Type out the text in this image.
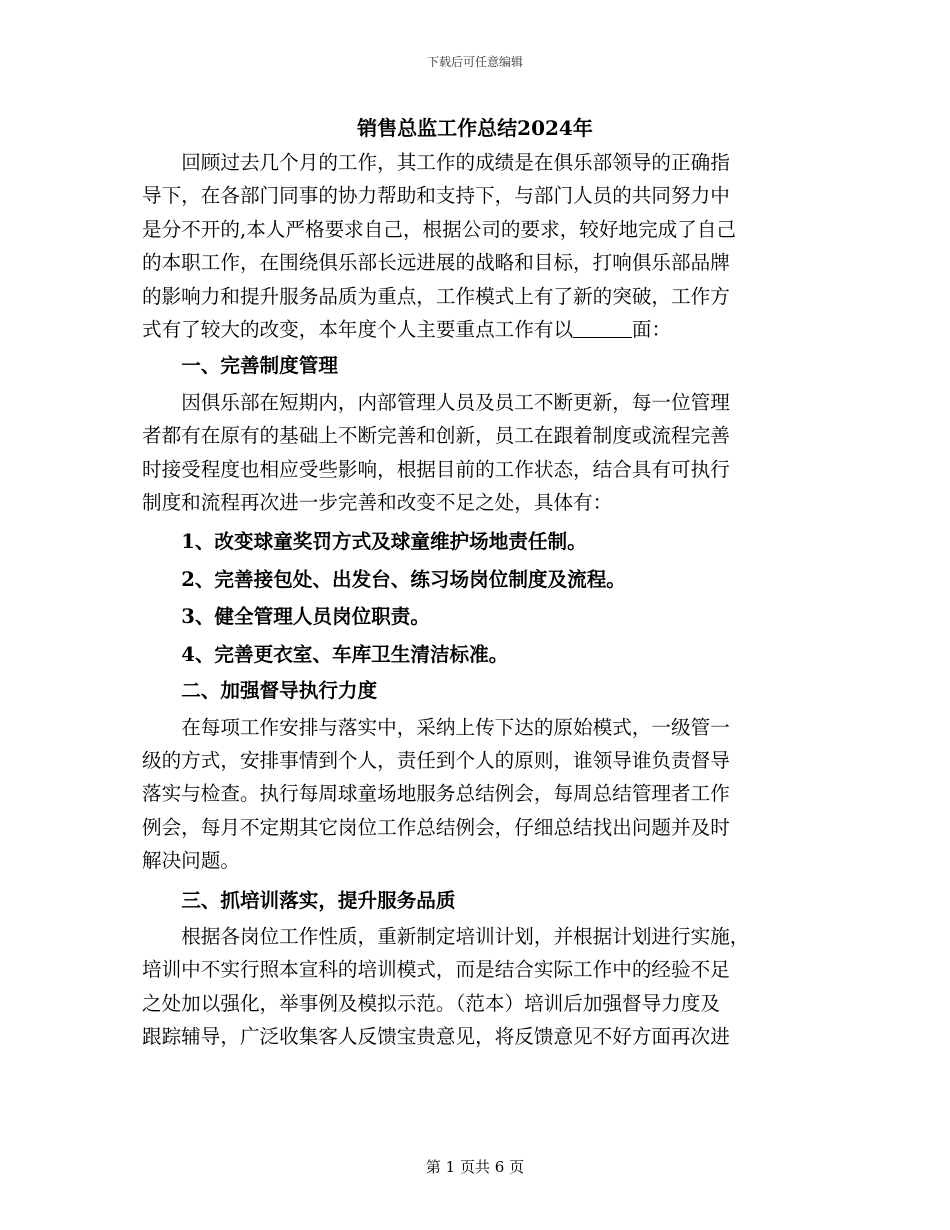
下载后可任意编辑
销售总监工作总结2024年
回顾过去几个月的工作，其工作的成绩是在俱乐部领导的正确指
导下，在各部门同事的协力帮助和支持下，与部门人员的共同努力中
是分不开的,本人严格要求自己，根据公司的要求，较好地完成了自己
的本职工作，在围绕俱乐部长远进展的战略和目标，打响俱乐部品牌
的影响力和提升服务品质为重点，工作模式上有了新的突破，工作方
式有了较大的改变，本年度个人主要重点工作有以	面：
一、完善制度管理
因俱乐部在短期内，内部管理人员及员工不断更新，每一位管理
者都有在原有的基础上不断完善和创新，员工在跟着制度或流程完善
时接受程度也相应受些影响，根据目前的工作状态，结合具有可执行
制度和流程再次进一步完善和改变不足之处，具体有：
1、改变球童奖罚方式及球童维护场地责任制。
2、完善接包处、出发台、练习场岗位制度及流程。
3、健全管理人员岗位职责。
4、完善更衣室、车库卫生清洁标准。
二、加强督导执行力度
在每项工作安排与落实中，采纳上传下达的原始模式，一级管一
级的方式，安排事情到个人，责任到个人的原则，谁领导谁负责督导
落实与检查。执行每周球童场地服务总结例会，每周总结管理者工作
例会，每月不定期其它岗位工作总结例会，仔细总结找出问题并及时
解决问题。
三、抓培训落实，提升服务品质
根据各岗位工作性质，重新制定培训计划，并根据计划进行实施，
培训中不实行照本宣科的培训模式，而是结合实际工作中的经验不足
之处加以强化，举事例及模拟示范。（范本）培训后加强督导力度及
跟踪辅导，广泛收集客人反馈宝贵意见，将反馈意见不好方面再次进
第 1 页共 6 页
